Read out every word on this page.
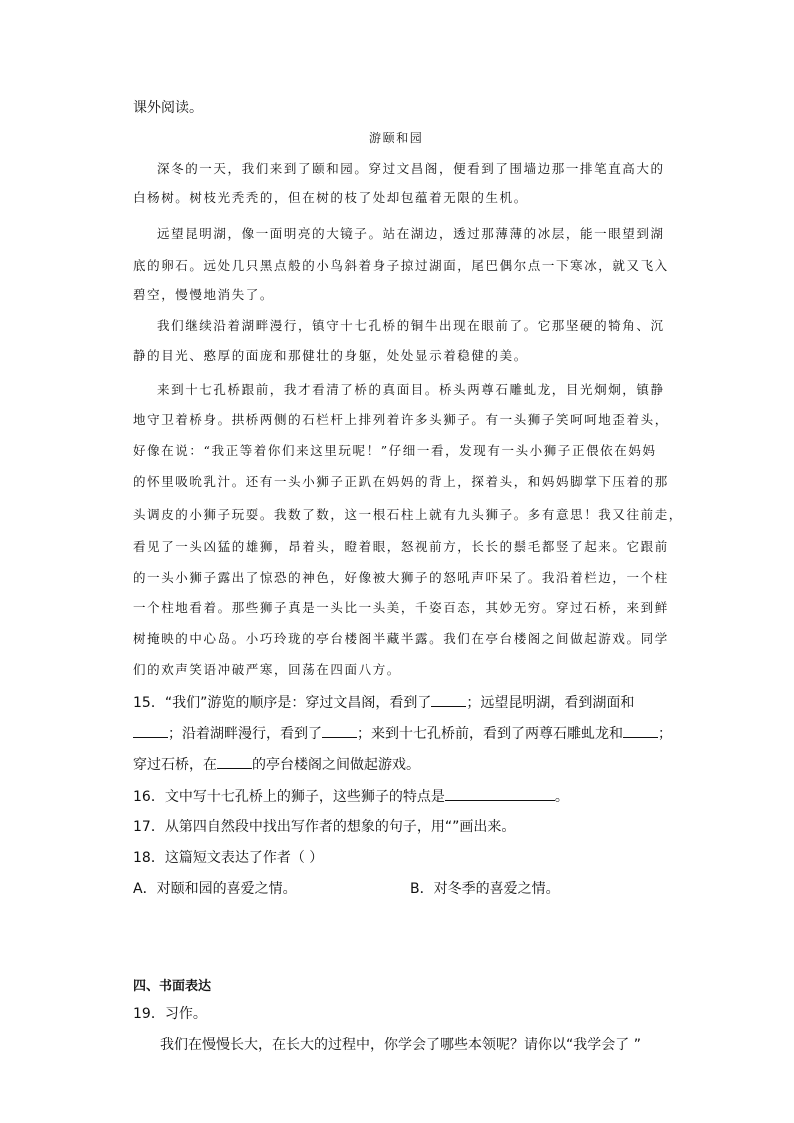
课外阅读。
游颐和园
深冬的一天，我们来到了颐和园。穿过文昌阁，便看到了围墙边那一排笔直高大的
白杨树。树枝光秃秃的，但在树的枝了处却包蕴着无限的生机。
远望昆明湖，像一面明亮的大镜子。站在湖边，透过那薄薄的冰层，能一眼望到湖
底的卵石。远处几只黑点般的小鸟斜着身子掠过湖面，尾巴偶尔点一下寒冰，就又飞入
碧空，慢慢地消失了。
我们继续沿着湖畔漫行，镇守十七孔桥的铜牛出现在眼前了。它那坚硬的犄角、沉
静的目光、憨厚的面庞和那健壮的身躯，处处显示着稳健的美。
来到十七孔桥跟前，我才看清了桥的真面目。桥头两尊石雕虬龙，目光炯炯，镇静
地守卫着桥身。拱桥两侧的石栏杆上排列着许多头狮子。有一头狮子笑呵呵地歪着头，
好像在说：“我正等着你们来这里玩呢！”仔细一看，发现有一头小狮子正偎依在妈妈
的怀里吸吮乳汁。还有一头小狮子正趴在妈妈的背上，探着头，和妈妈脚掌下压着的那
头调皮的小狮子玩耍。我数了数，这一根石柱上就有九头狮子。多有意思！我又往前走，
看见了一头凶猛的雄狮，昂着头，瞪着眼，怒视前方，长长的鬃毛都竖了起来。它跟前
的一头小狮子露出了惊恐的神色，好像被大狮子的怒吼声吓呆了。我沿着栏边，一个柱
一个柱地看着。那些狮子真是一头比一头美，千姿百态，其妙无穷。穿过石桥，来到鲜
树掩映的中心岛。小巧玲珑的亭台楼阁半藏半露。我们在亭台楼阁之间做起游戏。同学
们的欢声笑语冲破严寒，回荡在四面八方。
15．“我们”游览的顺序是：穿过文昌阁，看到了	；远望昆明湖，看到湖面和
；沿着湖畔漫行，看到了	；来到十七孔桥前，看到了两尊石雕虬龙和	；
穿过石桥，在	的亭台楼阁之间做起游戏。
16．文中写十七孔桥上的狮子，这些狮子的特点是	。
17．从第四自然段中找出写作者的想象的句子，用“”画出来。
18．这篇短文表达了作者（ ）
A．对颐和园的喜爱之情。	B．对冬季的喜爱之情。
四、书面表达
19．习作。
我们在慢慢长大，在长大的过程中，你学会了哪些本领呢？请你以“我学会了 ”
